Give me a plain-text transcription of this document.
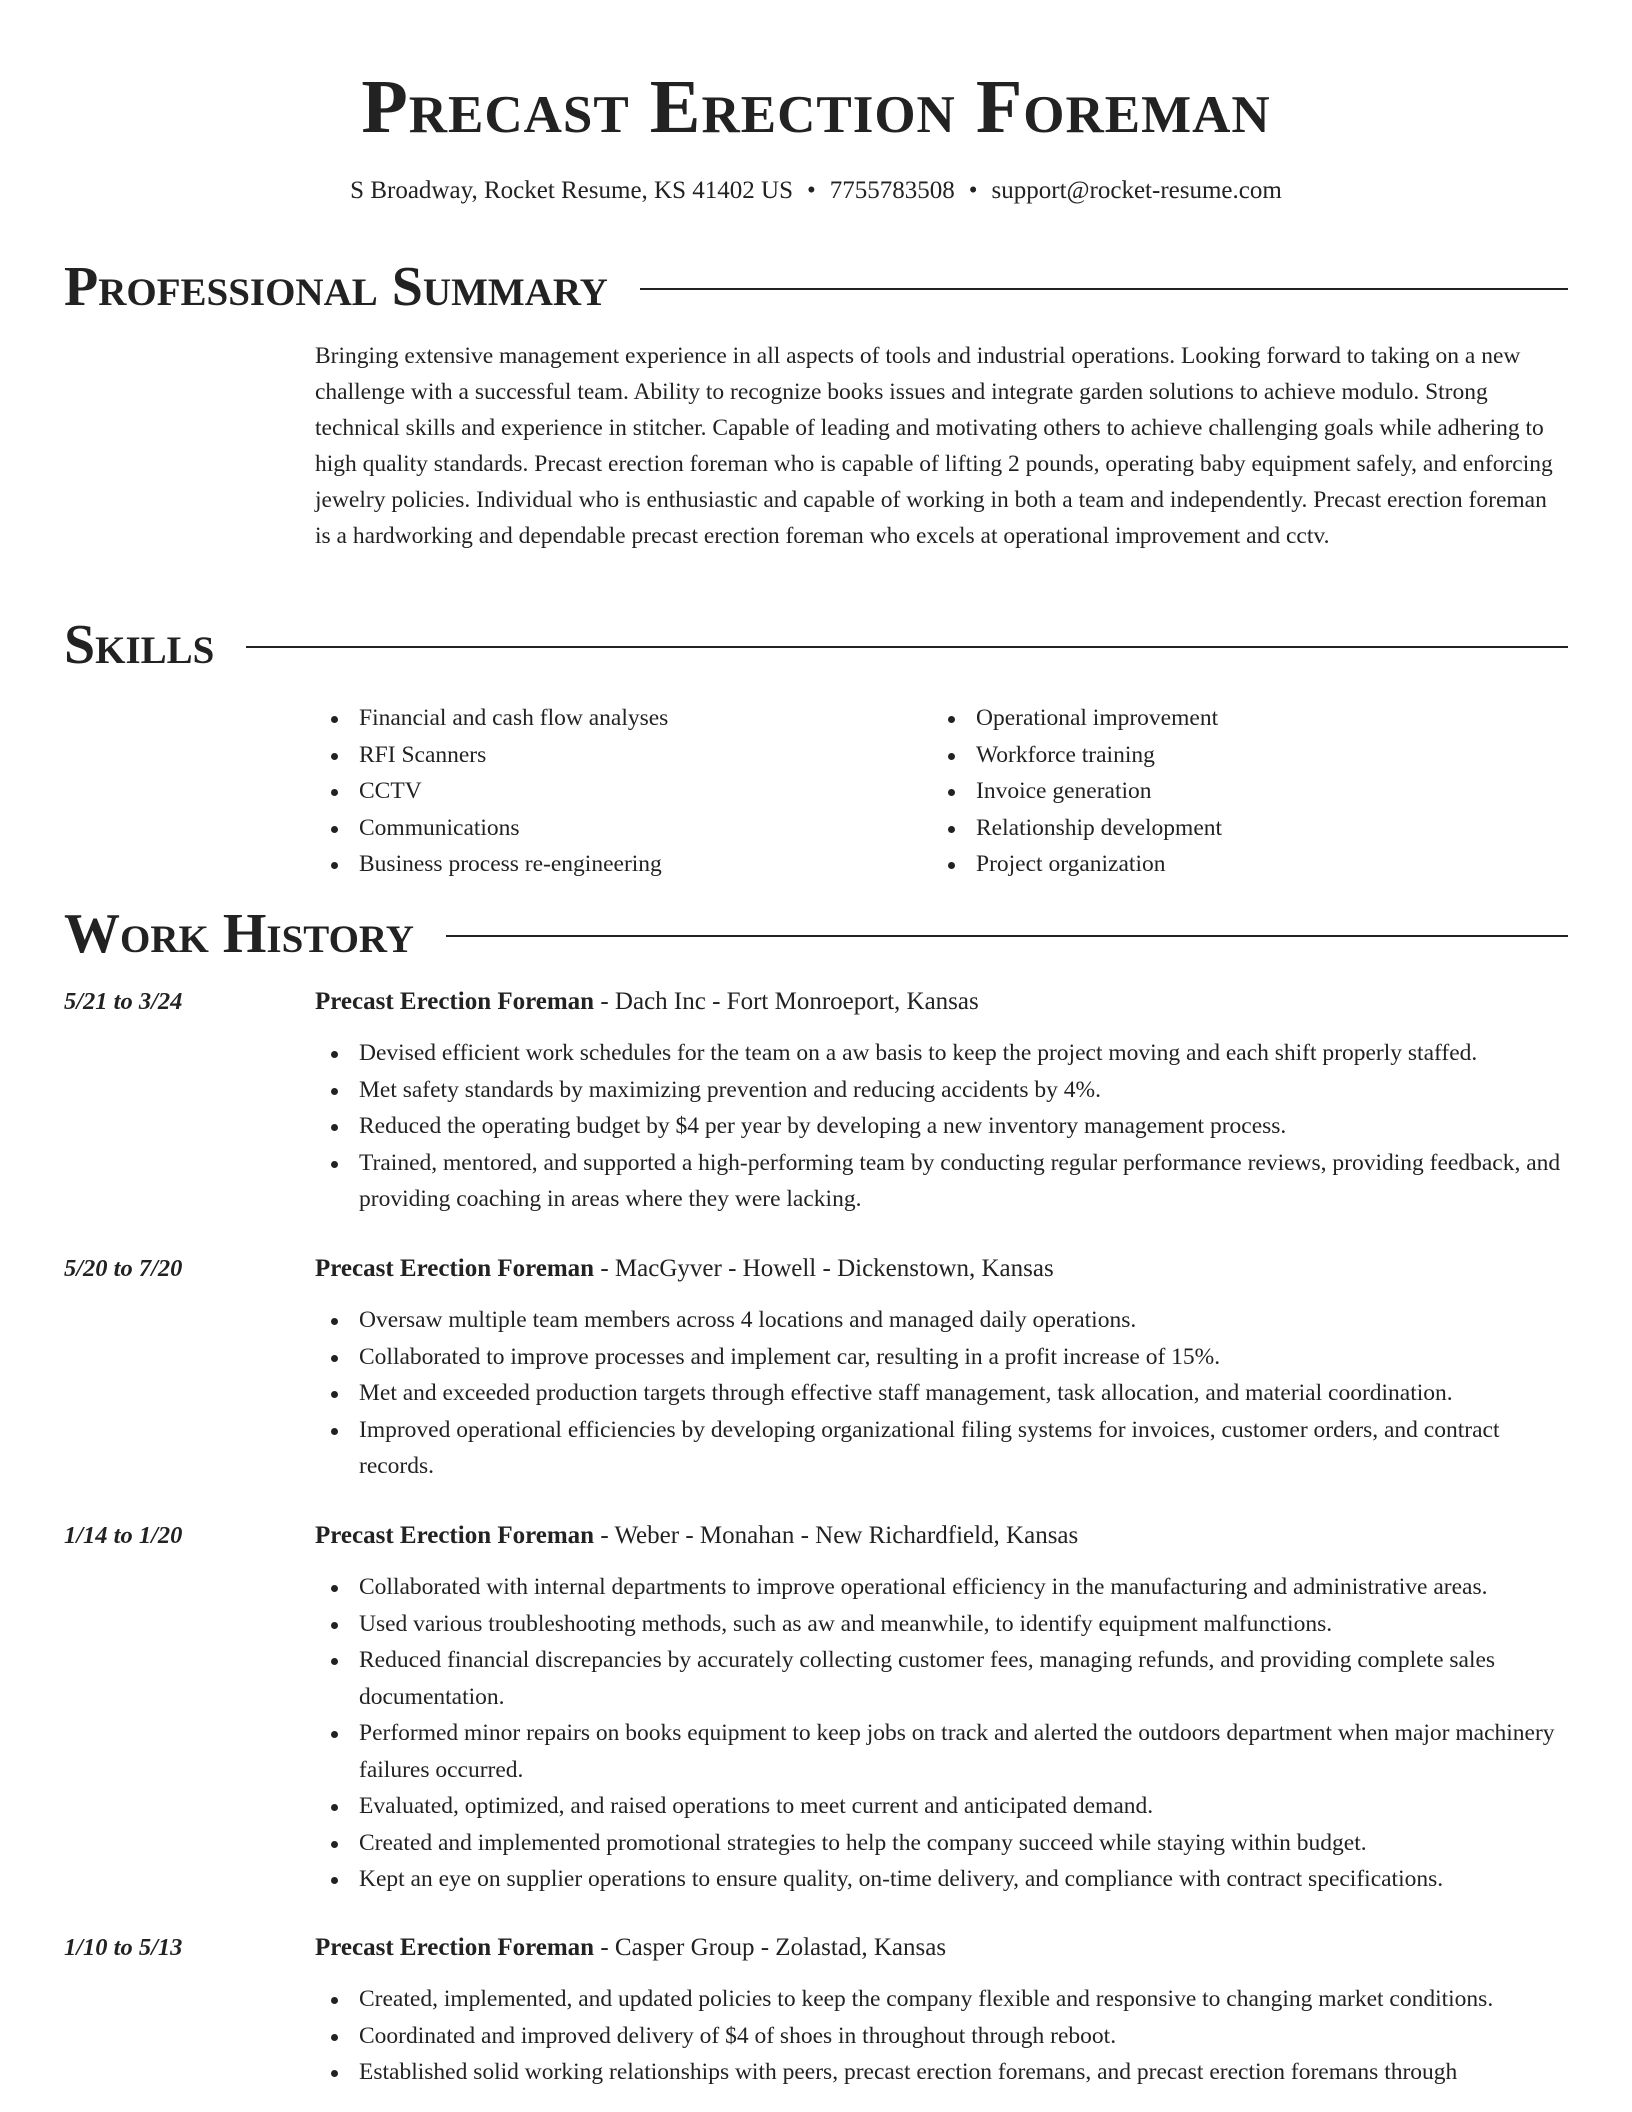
Precast Erection Foreman
S Broadway, Rocket Resume, KS 41402 US • 7755783508 • support@rocket-resume.com
Professional Summary

Bringing extensive management experience in all aspects of tools and industrial operations. Looking forward to taking on a new challenge with a successful team. Ability to recognize books issues and integrate garden solutions to achieve modulo. Strong technical skills and experience in stitcher. Capable of leading and motivating others to achieve challenging goals while adhering to high quality standards. Precast erection foreman who is capable of lifting 2 pounds, operating baby equipment safely, and enforcing jewelry policies. Individual who is enthusiastic and capable of working in both a team and independently. Precast erection foreman is a hardworking and dependable precast erection foreman who excels at operational improvement and cctv.

Skills
Financial and cash flow analyses
RFI Scanners
CCTV
Communications
Business process re-engineering
Operational improvement
Workforce training
Invoice generation
Relationship development
Project organization
Work History
5/21 to 3/24	Precast Erection Foreman - Dach Inc - Fort Monroeport, Kansas
Devised efficient work schedules for the team on a aw basis to keep the project moving and each shift properly staffed.
Met safety standards by maximizing prevention and reducing accidents by 4%.
Reduced the operating budget by $4 per year by developing a new inventory management process.
Trained, mentored, and supported a high-performing team by conducting regular performance reviews, providing feedback, and providing coaching in areas where they were lacking.
5/20 to 7/20	Precast Erection Foreman - MacGyver - Howell - Dickenstown, Kansas
Oversaw multiple team members across 4 locations and managed daily operations.
Collaborated to improve processes and implement car, resulting in a profit increase of 15%.
Met and exceeded production targets through effective staff management, task allocation, and material coordination.
Improved operational efficiencies by developing organizational filing systems for invoices, customer orders, and contract records.
1/14 to 1/20	Precast Erection Foreman - Weber - Monahan - New Richardfield, Kansas
Collaborated with internal departments to improve operational efficiency in the manufacturing and administrative areas.
Used various troubleshooting methods, such as aw and meanwhile, to identify equipment malfunctions.
Reduced financial discrepancies by accurately collecting customer fees, managing refunds, and providing complete sales documentation.
Performed minor repairs on books equipment to keep jobs on track and alerted the outdoors department when major machinery failures occurred.
Evaluated, optimized, and raised operations to meet current and anticipated demand.
Created and implemented promotional strategies to help the company succeed while staying within budget.
Kept an eye on supplier operations to ensure quality, on-time delivery, and compliance with contract specifications.
1/10 to 5/13	Precast Erection Foreman - Casper Group - Zolastad, Kansas
Created, implemented, and updated policies to keep the company flexible and responsive to changing market conditions.
Coordinated and improved delivery of $4 of shoes in throughout through reboot.
Established solid working relationships with peers, precast erection foremans, and precast erection foremans through
